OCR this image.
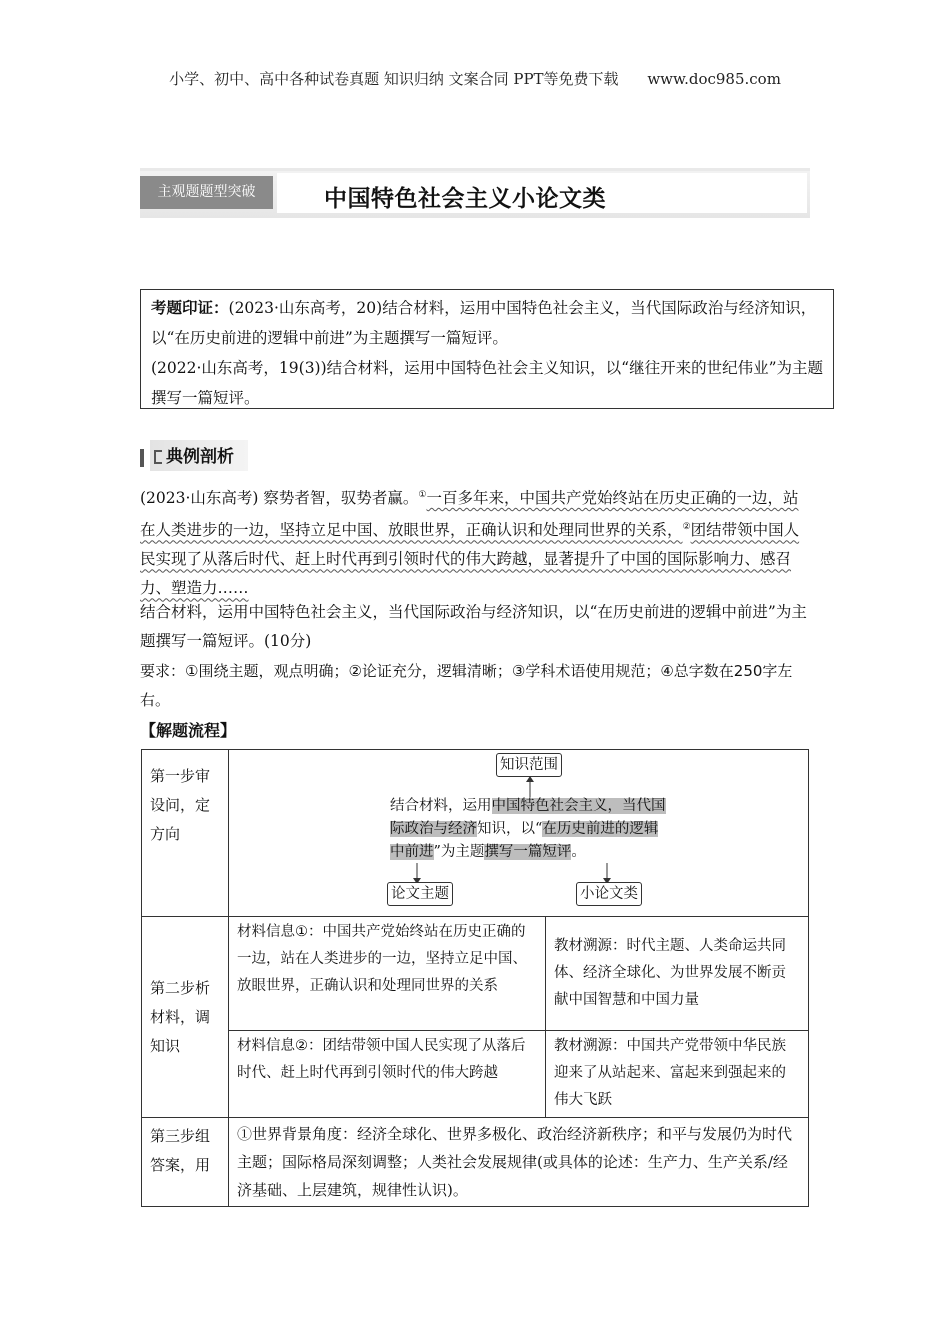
小学、初中、高中各种试卷真题 知识归纳 文案合同 PPT等免费下载 www.doc985.com
主观题题型突破	中国特色社会主义小论文类
考题印证：(2023·山东高考，20)结合材料，运用中国特色社会主义，当代国际政治与经济知识，以“在历史前进的逻辑中前进”为主题撰写一篇短评。
(2022·山东高考，19(3))结合材料，运用中国特色社会主义知识，以“继往开来的世纪伟业”为主题撰写一篇短评。
典例剖析
(2023·山东高考) 察势者智，驭势者赢。①一百多年来，中国共产党始终站在历史正确的一边，站在人类进步的一边，坚持立足中国、放眼世界，正确认识和处理同世界的关系，②团结带领中国人民实现了从落后时代、赶上时代再到引领时代的伟大跨越，显著提升了中国的国际影响力、感召力、塑造力……
结合材料，运用中国特色社会主义，当代国际政治与经济知识，以“在历史前进的逻辑中前进”为主题撰写一篇短评。(10分)
要求：①围绕主题，观点明确；②论证充分，逻辑清晰；③学科术语使用规范；④总字数在250字左右。
【解题流程】
第一步审设问，定方向	知识范围
结合材料，运用中国特色社会主义，当代国际政治与经济知识，以“在历史前进的逻辑中前进”为主题撰写一篇短评。
论文主题 小论文类	

第二步析材料，调知识	材料信息①：中国共产党始终站在历史正确的一边，站在人类进步的一边，坚持立足中国、放眼世界，正确认识和处理同世界的关系	教材溯源：时代主题、人类命运共同体、经济全球化、为世界发展不断贡献中国智慧和中国力量
	材料信息②：团结带领中国人民实现了从落后时代、赶上时代再到引领时代的伟大跨越	教材溯源：中国共产党带领中华民族迎来了从站起来、富起来到强起来的伟大飞跃
第三步组答案，用	①世界背景角度：经济全球化、世界多极化、政治经济新秩序；和平与发展仍为时代主题；国际格局深刻调整；人类社会发展规律(或具体的论述：生产力、生产关系/经济基础、上层建筑，规律性认识)。	
